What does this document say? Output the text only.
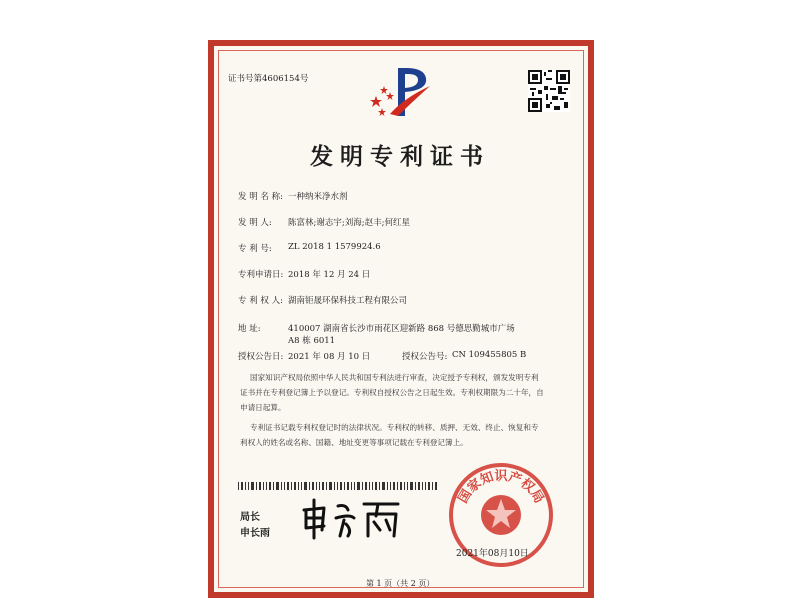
证书号第4606154号
发明专利证书
发 明 名 称: 一种纳米净水剂
发 明 人: 陈富林;谢志宇;刘海;赵丰;何红星
专 利 号: ZL 2018 1 1579924.6
专利申请日: 2018 年 12 月 24 日
专 利 权 人: 湖南钜晟环保科技工程有限公司
地 址:	410007 湖南省长沙市雨花区迎新路 868 号德思勤城市广场
A8 栋 6011
授权公告日: 2021 年 08 月 10 日	授权公告号: CN 109455805 B
国家知识产权局依照中华人民共和国专利法进行审查，决定授予专利权，颁发发明专利
证书并在专利登记簿上予以登记。专利权自授权公告之日起生效。专利权期限为二十年，自
申请日起算。
专利证书记载专利权登记时的法律状况。专利权的转移、质押、无效、终止、恢复和专
利权人的姓名或名称、国籍、地址变更等事项记载在专利登记簿上。
局长
申长雨
国家知识产权局
2021年08月10日
第 1 页（共 2 页）
